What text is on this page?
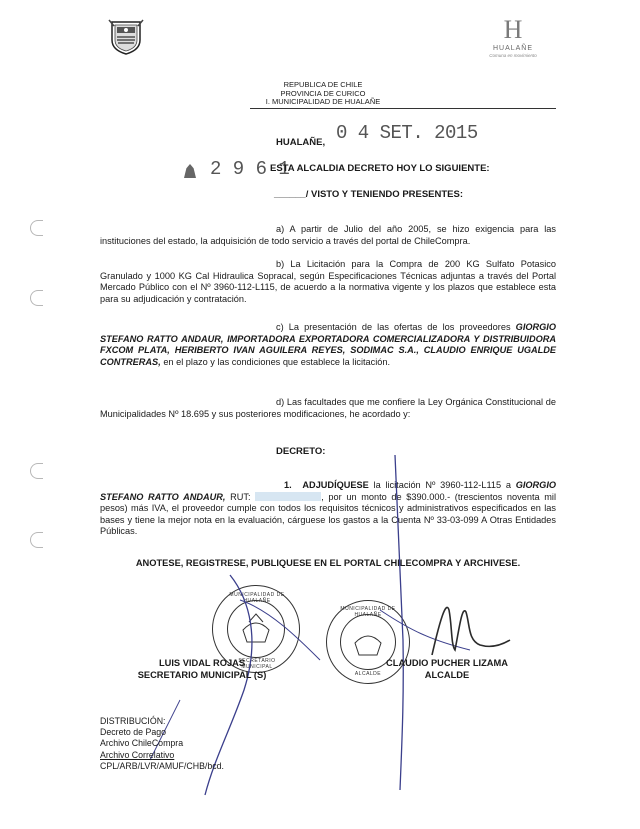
H
HUALAÑE
Comuna en movimiento
REPUBLICA DE CHILE
PROVINCIA DE CURICO
I. MUNICIPALIDAD DE HUALAÑE
HUALAÑE, 0 4 SET. 2015
2 9 6 1
ESTA ALCALDIA DECRETO HOY LO SIGUIENTE:
______/ VISTO Y TENIENDO PRESENTES:
a) A partir de Julio del año 2005, se hizo exigencia para las instituciones del estado, la adquisición de todo servicio a través del portal de ChileCompra.
b) La Licitación para la Compra de 200 KG Sulfato Potasico Granulado y 1000 KG Cal Hidraulica Sopracal, según Especificaciones Técnicas adjuntas a través del Portal Mercado Público con el Nº 3960-112-L115, de acuerdo a la normativa vigente y los plazos que establece esta para su adjudicación y contratación.
c) La presentación de las ofertas de los proveedores GIORGIO STEFANO RATTO ANDAUR, IMPORTADORA EXPORTADORA COMERCIALIZADORA Y DISTRIBUIDORA FXCOM PLATA, HERIBERTO IVAN AGUILERA REYES, SODIMAC S.A., CLAUDIO ENRIQUE UGALDE CONTRERAS, en el plazo y las condiciones que establece la licitación.
d) Las facultades que me confiere la Ley Orgánica Constitucional de Municipalidades Nº 18.695 y sus posteriores modificaciones, he acordado y:
DECRETO:
1. ADJUDÍQUESE la licitación Nº 3960-112-L115 a GIORGIO STEFANO RATTO ANDAUR, RUT:	, por un monto de $390.000.- (trescientos noventa mil pesos) más IVA, el proveedor cumple con todos los requisitos técnicos y administrativos especificados en las bases y tiene la mejor nota en la evaluación, cárguese los gastos a la Cuenta Nº 33-03-099 A Otras Entidades Públicas.
ANOTESE, REGISTRESE, PUBLIQUESE EN EL PORTAL CHILECOMPRA Y ARCHIVESE.
MUNICIPALIDAD DE HUALAÑE
SECRETARIO MUNICIPAL
MUNICIPALIDAD DE HUALAÑE
ALCALDE
LUIS VIDAL ROJAS
SECRETARIO MUNICIPAL (S)
CLAUDIO PUCHER LIZAMA
ALCALDE
DISTRIBUCIÓN:
Decreto de Pago
Archivo ChileCompra
Archivo Correlativo
CPL/ARB/LVR/AMUF/CHB/bcd.
